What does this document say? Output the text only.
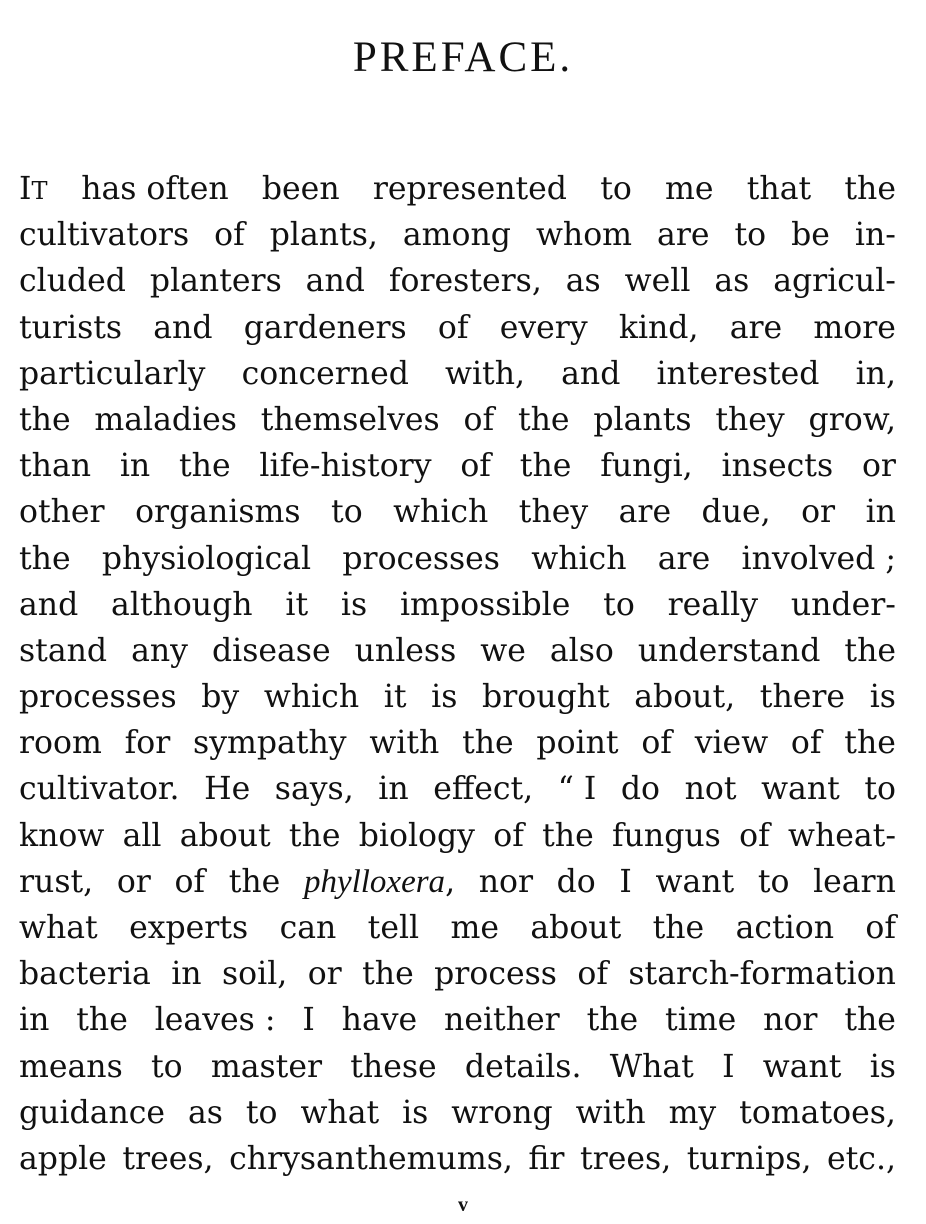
PREFACE.
IT has often been represented to me that the
cultivators of plants, among whom are to be in-
cluded planters and foresters, as well as agricul-
turists and gardeners of every kind, are more
particularly concerned with, and interested in,
the maladies themselves of the plants they grow,
than in the life-history of the fungi, insects or
other organisms to which they are due, or in
the physiological processes which are involved ;
and although it is impossible to really under-
stand any disease unless we also understand the
processes by which it is brought about, there is
room for sympathy with the point of view of the
cultivator. He says, in effect, “ I do not want to
know all about the biology of the fungus of wheat-
rust, or of the phylloxera, nor do I want to learn
what experts can tell me about the action of
bacteria in soil, or the process of starch-formation
in the leaves : I have neither the time nor the
means to master these details. What I want is
guidance as to what is wrong with my tomatoes,
apple trees, chrysanthemums, fir trees, turnips, etc.,
v
